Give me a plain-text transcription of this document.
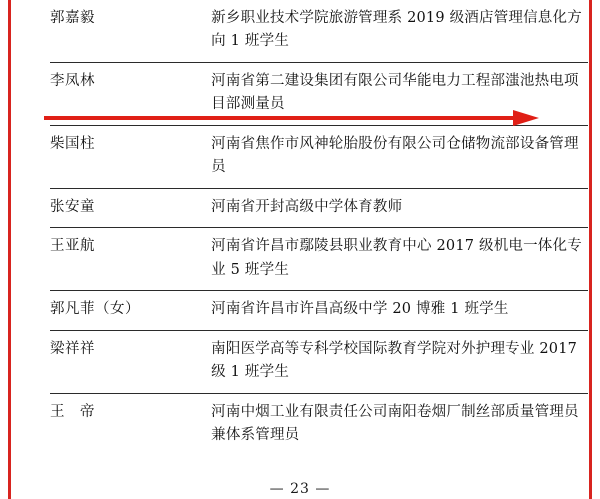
郭嘉毅	新乡职业技术学院旅游管理系 2019 级酒店管理信息化方向 1 班学生
李凤林	河南省第二建设集团有限公司华能电力工程部滍池热电项目部测量员
柴国柱	河南省焦作市风神轮胎股份有限公司仓储物流部设备管理员
张安童	河南省开封高级中学体育教师
王亚航	河南省许昌市鄢陵县职业教育中心 2017 级机电一体化专业 5 班学生
郭凡菲（女）	河南省许昌市许昌高级中学 20 博雅 1 班学生
梁祥祥	南阳医学高等专科学校国际教育学院对外护理专业 2017 级 1 班学生
王　帝	河南中烟工业有限责任公司南阳卷烟厂制丝部质量管理员兼体系管理员
— 23 —
